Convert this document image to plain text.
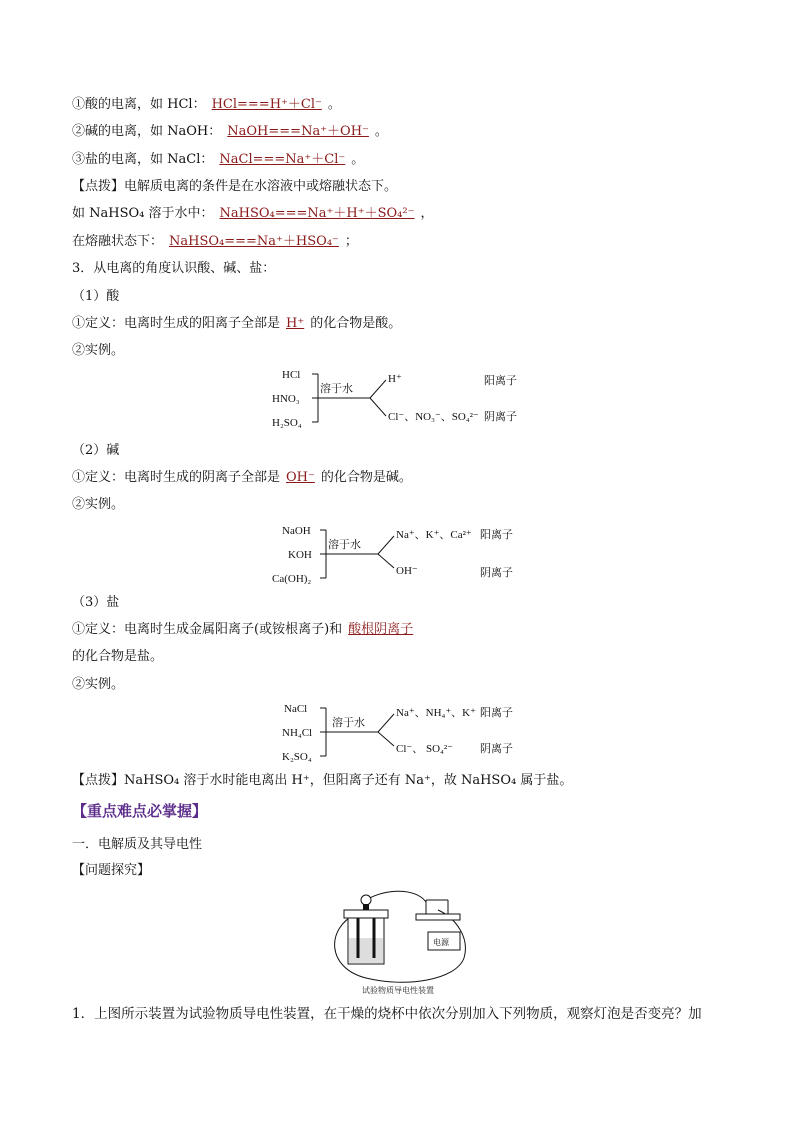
①酸的电离，如 HCl： HCl===H⁺＋Cl⁻ 。
②碱的电离，如 NaOH： NaOH===Na⁺＋OH⁻ 。
③盐的电离，如 NaCl： NaCl===Na⁺＋Cl⁻ 。
【点拨】电解质电离的条件是在水溶液中或熔融状态下。
如 NaHSO₄ 溶于水中： NaHSO₄===Na⁺＋H⁺＋SO₄²⁻ ，
在熔融状态下： NaHSO₄===Na⁺＋HSO₄⁻ ；
3．从电离的角度认识酸、碱、盐：
（1）酸
①定义：电离时生成的阳离子全部是 H⁺ 的化合物是酸。
②实例。
HCl
HNO₃
H₂SO₄
溶于水
H⁺
Cl⁻、NO₃⁻、SO₄²⁻
阳离子
阴离子
（2）碱
①定义：电离时生成的阴离子全部是 OH⁻ 的化合物是碱。
②实例。
NaOH
KOH
Ca(OH)₂
溶于水
Na⁺、K⁺、Ca²⁺
OH⁻
阳离子
阴离子
（3）盐
①定义：电离时生成金属阳离子(或铵根离子)和 酸根阴离子
的化合物是盐。
②实例。
NaCl
NH₄Cl
K₂SO₄
溶于水
Na⁺、NH₄⁺、K⁺
Cl⁻、 SO₄²⁻
阳离子
阴离子
【点拨】NaHSO₄ 溶于水时能电离出 H⁺，但阳离子还有 Na⁺，故 NaHSO₄ 属于盐。
【重点难点必掌握】
一．电解质及其导电性
【问题探究】
电源
试验物质导电性装置
1．上图所示装置为试验物质导电性装置，在干燥的烧杯中依次分别加入下列物质，观察灯泡是否变亮？加
